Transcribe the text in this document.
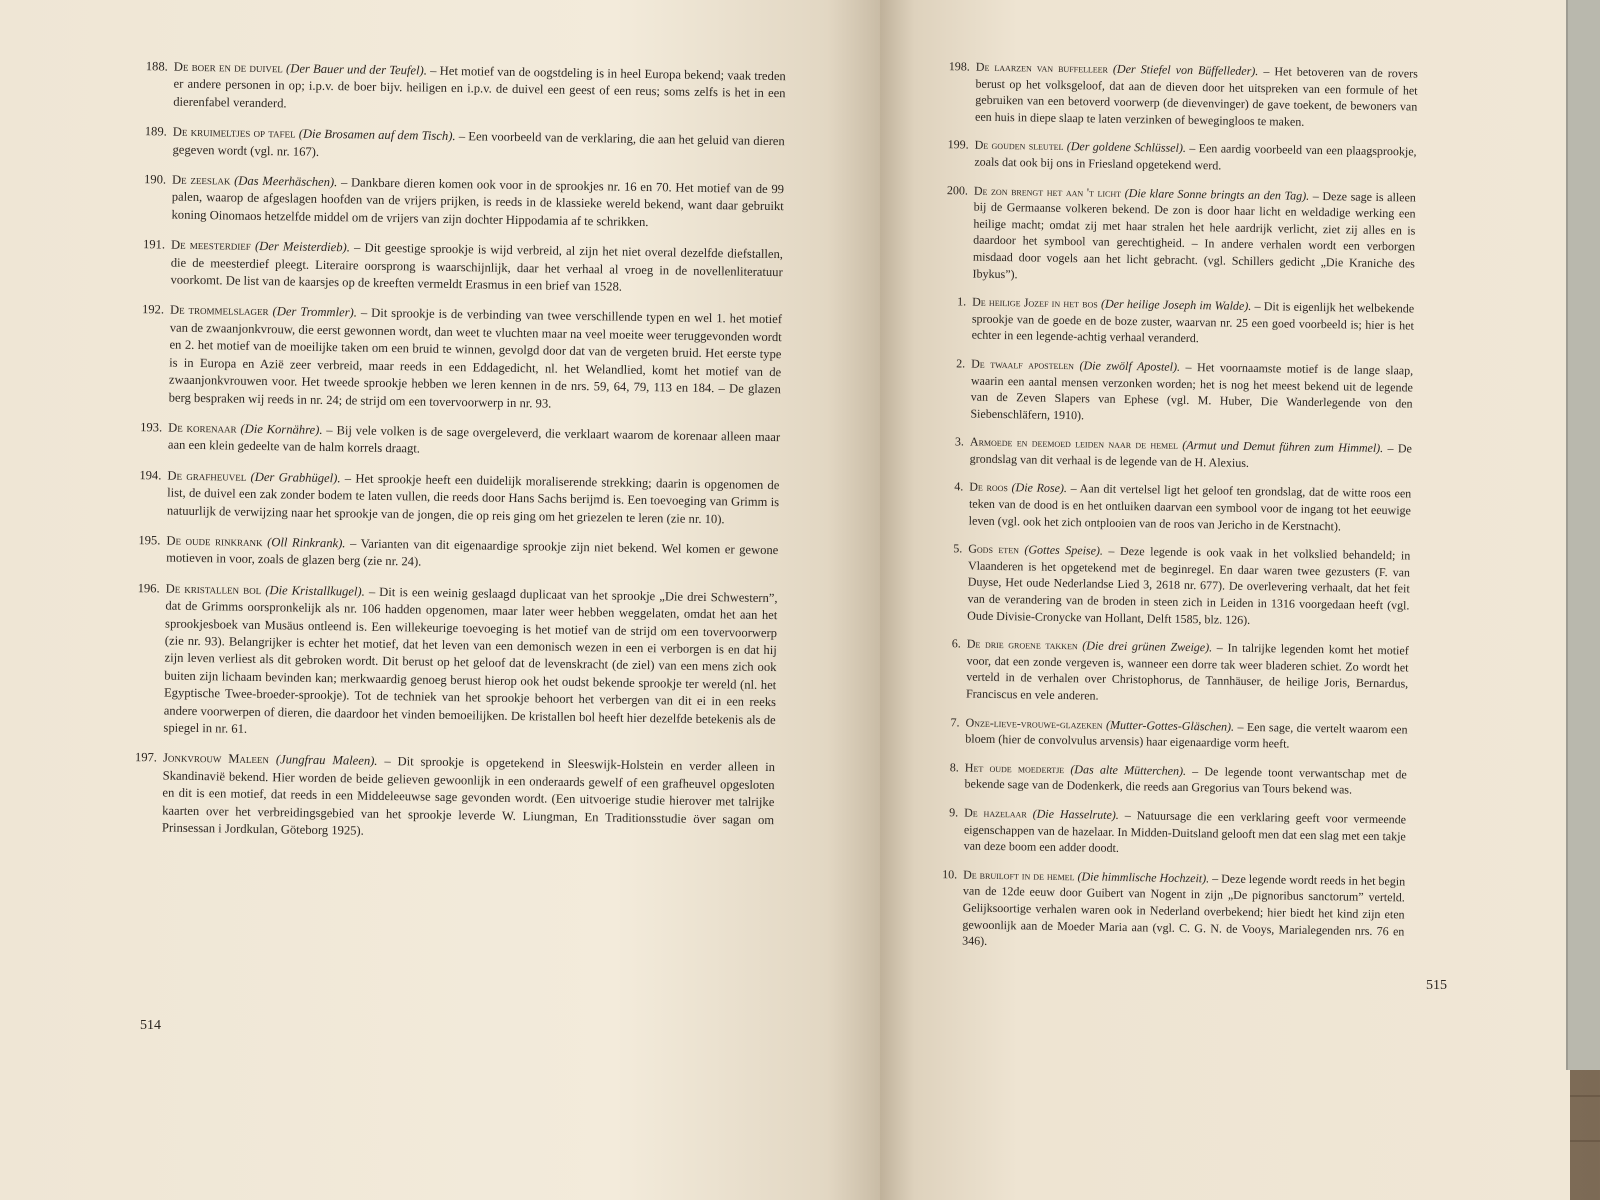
188. De boer en de duivel (Der Bauer und der Teufel). – Het motief van de oogstdeling is in heel Europa bekend; vaak treden er andere personen in op; i.p.v. de boer bijv. heiligen en i.p.v. de duivel een geest of een reus; soms zelfs is het in een dierenfabel veranderd.
189. De kruimeltjes op tafel (Die Brosamen auf dem Tisch). – Een voorbeeld van de verklaring, die aan het geluid van dieren gegeven wordt (vgl. nr. 167).
190. De zeeslak (Das Meerhäschen). – Dankbare dieren komen ook voor in de sprookjes nr. 16 en 70. Het motief van de 99 palen, waarop de afgeslagen hoofden van de vrijers prijken, is reeds in de klassieke wereld bekend, want daar gebruikt koning Oinomaos hetzelfde middel om de vrijers van zijn dochter Hippodamia af te schrikken.
191. De meesterdief (Der Meisterdieb). – Dit geestige sprookje is wijd verbreid, al zijn het niet overal dezelfde diefstallen, die de meesterdief pleegt. Literaire oorsprong is waarschijnlijk, daar het verhaal al vroeg in de novellenliteratuur voorkomt. De list van de kaarsjes op de kreeften vermeldt Erasmus in een brief van 1528.
192. De trommelslager (Der Trommler). – Dit sprookje is de verbinding van twee verschillende typen en wel 1. het motief van de zwaanjonkvrouw, die eerst gewonnen wordt, dan weet te vluchten maar na veel moeite weer teruggevonden wordt en 2. het motief van de moeilijke taken om een bruid te winnen, gevolgd door dat van de vergeten bruid. Het eerste type is in Europa en Azië zeer verbreid, maar reeds in een Eddagedicht, nl. het Welandlied, komt het motief van de zwaanjonkvrouwen voor. Het tweede sprookje hebben we leren kennen in de nrs. 59, 64, 79, 113 en 184. – De glazen berg bespraken wij reeds in nr. 24; de strijd om een tovervoorwerp in nr. 93.
193. De korenaar (Die Kornähre). – Bij vele volken is de sage overgeleverd, die verklaart waarom de korenaar alleen maar aan een klein gedeelte van de halm korrels draagt.
194. De grafheuvel (Der Grabhügel). – Het sprookje heeft een duidelijk moraliserende strekking; daarin is opgenomen de list, de duivel een zak zonder bodem te laten vullen, die reeds door Hans Sachs berijmd is. Een toevoeging van Grimm is natuurlijk de verwijzing naar het sprookje van de jongen, die op reis ging om het griezelen te leren (zie nr. 10).
195. De oude rinkrank (Oll Rinkrank). – Varianten van dit eigenaardige sprookje zijn niet bekend. Wel komen er gewone motieven in voor, zoals de glazen berg (zie nr. 24).
196. De kristallen bol (Die Kristallkugel). – Dit is een weinig geslaagd duplicaat van het sprookje „Die drei Schwestern”, dat de Grimms oorspronkelijk als nr. 106 hadden opgenomen, maar later weer hebben weggelaten, omdat het aan het sprookjesboek van Musäus ontleend is. Een willekeurige toevoeging is het motief van de strijd om een tovervoorwerp (zie nr. 93). Belangrijker is echter het motief, dat het leven van een demonisch wezen in een ei verborgen is en dat hij zijn leven verliest als dit gebroken wordt. Dit berust op het geloof dat de levenskracht (de ziel) van een mens zich ook buiten zijn lichaam bevinden kan; merkwaardig genoeg berust hierop ook het oudst bekende sprookje ter wereld (nl. het Egyptische Twee-broeder-sprookje). Tot de techniek van het sprookje behoort het verbergen van dit ei in een reeks andere voorwerpen of dieren, die daardoor het vinden bemoeilijken. De kristallen bol heeft hier dezelfde betekenis als de spiegel in nr. 61.
197. Jonkvrouw Maleen (Jungfrau Maleen). – Dit sprookje is opgetekend in Sleeswijk-Holstein en verder alleen in Skandinavië bekend. Hier worden de beide gelieven gewoonlijk in een onderaards gewelf of een grafheuvel opgesloten en dit is een motief, dat reeds in een Middeleeuwse sage gevonden wordt. (Een uitvoerige studie hierover met talrijke kaarten over het verbreidingsgebied van het sprookje leverde W. Liungman, En Traditionsstudie över sagan om Prinsessan i Jordkulan, Göteborg 1925).
514
198. De laarzen van buffelleer (Der Stiefel von Büffelleder). – Het betoveren van de rovers berust op het volksgeloof, dat aan de dieven door het uitspreken van een formule of het gebruiken van een betoverd voorwerp (de dievenvinger) de gave toekent, de bewoners van een huis in diepe slaap te laten verzinken of bewegingloos te maken.
199. De gouden sleutel (Der goldene Schlüssel). – Een aardig voorbeeld van een plaagsprookje, zoals dat ook bij ons in Friesland opgetekend werd.
200. De zon brengt het aan 't licht (Die klare Sonne bringts an den Tag). – Deze sage is alleen bij de Germaanse volkeren bekend. De zon is door haar licht en weldadige werking een heilige macht; omdat zij met haar stralen het hele aardrijk verlicht, ziet zij alles en is daardoor het symbool van gerechtigheid. – In andere verhalen wordt een verborgen misdaad door vogels aan het licht gebracht. (vgl. Schillers gedicht „Die Kraniche des Ibykus”).
1. De heilige Jozef in het bos (Der heilige Joseph im Walde). – Dit is eigenlijk het welbekende sprookje van de goede en de boze zuster, waarvan nr. 25 een goed voorbeeld is; hier is het echter in een legende-achtig verhaal veranderd.
2. De twaalf apostelen (Die zwölf Apostel). – Het voornaamste motief is de lange slaap, waarin een aantal mensen verzonken worden; het is nog het meest bekend uit de legende van de Zeven Slapers van Ephese (vgl. M. Huber, Die Wanderlegende von den Siebenschläfern, 1910).
3. Armoede en deemoed leiden naar de hemel (Armut und Demut führen zum Himmel). – De grondslag van dit verhaal is de legende van de H. Alexius.
4. De roos (Die Rose). – Aan dit vertelsel ligt het geloof ten grondslag, dat de witte roos een teken van de dood is en het ontluiken daarvan een symbool voor de ingang tot het eeuwige leven (vgl. ook het zich ontplooien van de roos van Jericho in de Kerstnacht).
5. Gods eten (Gottes Speise). – Deze legende is ook vaak in het volkslied behandeld; in Vlaanderen is het opgetekend met de beginregel. En daar waren twee gezusters (F. van Duyse, Het oude Nederlandse Lied 3, 2618 nr. 677). De overlevering verhaalt, dat het feit van de verandering van de broden in steen zich in Leiden in 1316 voorgedaan heeft (vgl. Oude Divisie-Cronycke van Hollant, Delft 1585, blz. 126).
6. De drie groene takken (Die drei grünen Zweige). – In talrijke legenden komt het motief voor, dat een zonde vergeven is, wanneer een dorre tak weer bladeren schiet. Zo wordt het verteld in de verhalen over Christophorus, de Tannhäuser, de heilige Joris, Bernardus, Franciscus en vele anderen.
7. Onze-lieve-vrouwe-glazeken (Mutter-Gottes-Gläschen). – Een sage, die vertelt waarom een bloem (hier de convolvulus arvensis) haar eigenaardige vorm heeft.
8. Het oude moedertje (Das alte Mütterchen). – De legende toont verwantschap met de bekende sage van de Dodenkerk, die reeds aan Gregorius van Tours bekend was.
9. De hazelaar (Die Hasselrute). – Natuursage die een verklaring geeft voor vermeende eigenschappen van de hazelaar. In Midden-Duitsland gelooft men dat een slag met een takje van deze boom een adder doodt.
10. De bruiloft in de hemel (Die himmlische Hochzeit). – Deze legende wordt reeds in het begin van de 12de eeuw door Guibert van Nogent in zijn „De pignoribus sanctorum” verteld. Gelijksoortige verhalen waren ook in Nederland overbekend; hier biedt het kind zijn eten gewoonlijk aan de Moeder Maria aan (vgl. C. G. N. de Vooys, Marialegenden nrs. 76 en 346).
515
